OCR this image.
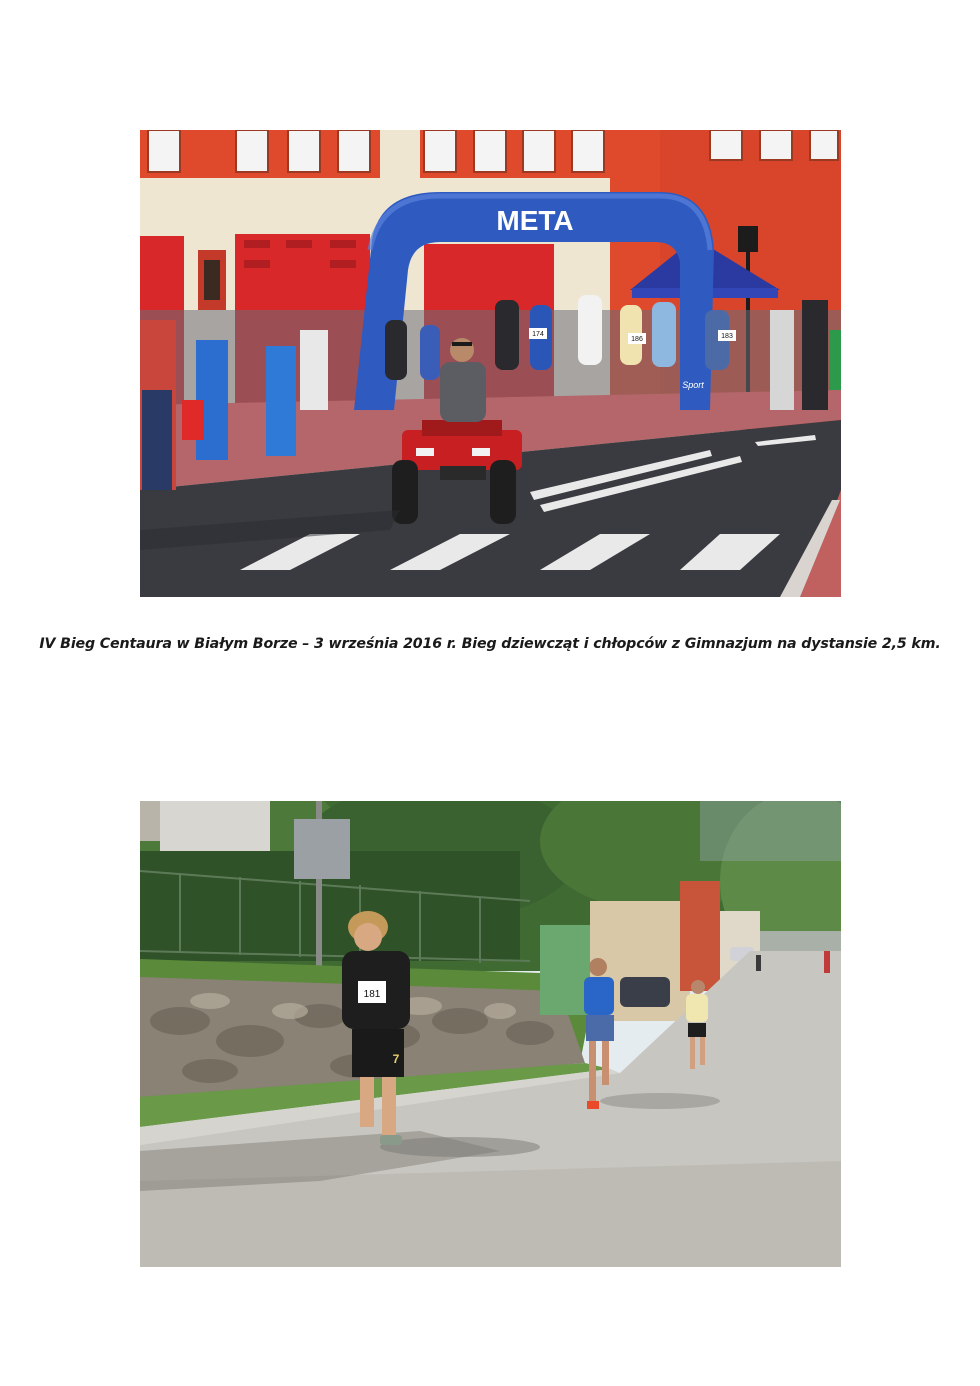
META
Sport
174
186	183
IV Bieg Centaura w Białym Borze – 3 września 2016 r. Bieg dziewcząt i chłopców z Gimnazjum na dystansie 2,5 km.
181
7
